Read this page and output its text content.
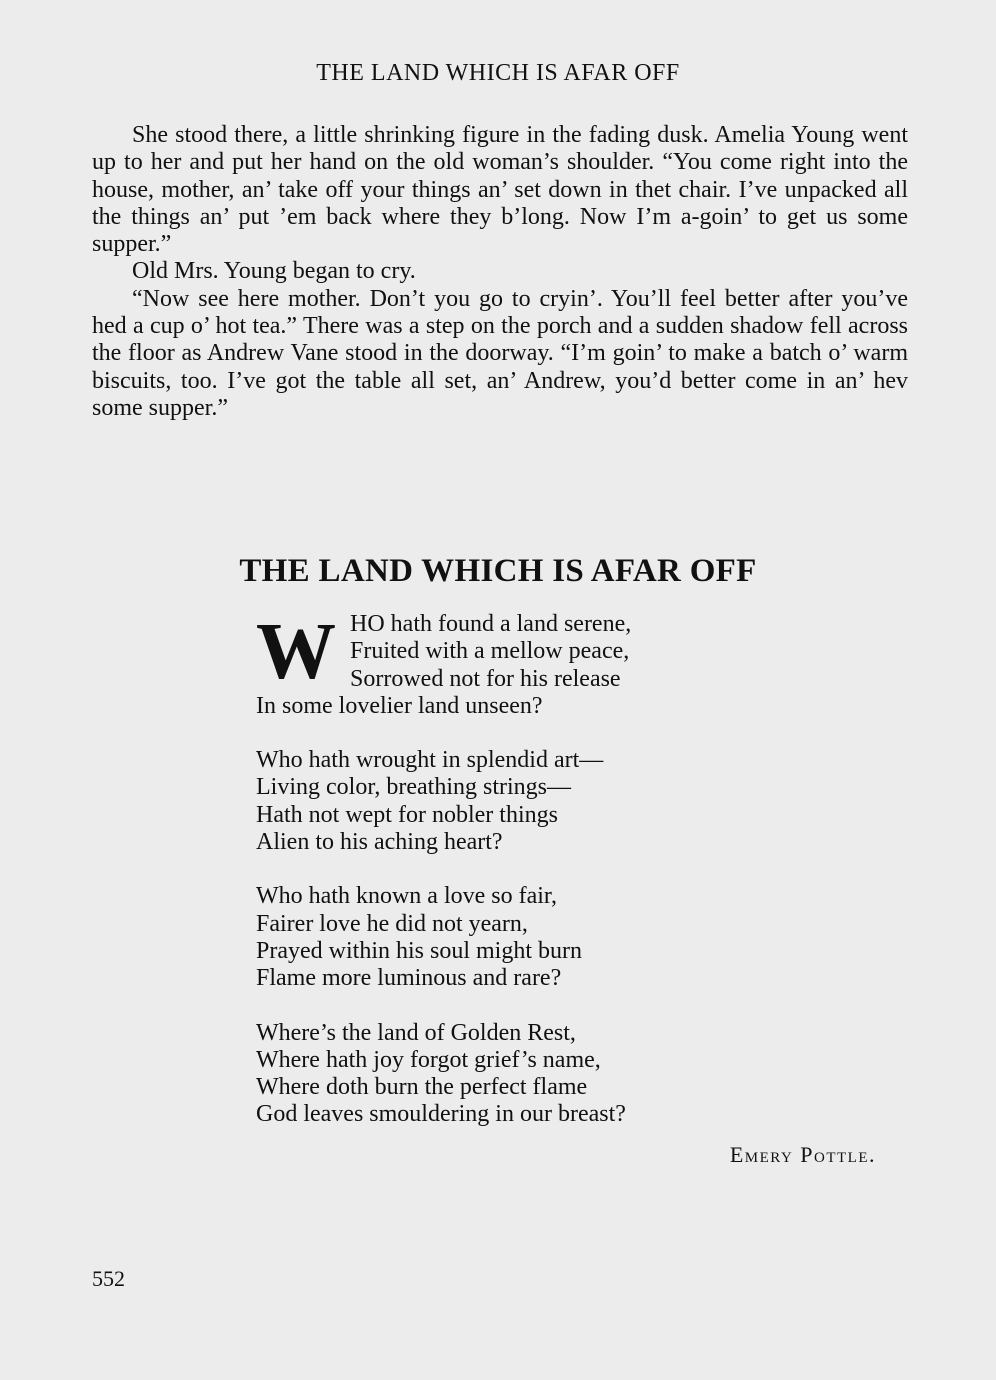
THE LAND WHICH IS AFAR OFF

She stood there, a little shrinking figure in the fading dusk. Amelia Young went up to her and put her hand on the old woman’s shoulder. “You come right into the house, mother, an’ take off your things an’ set down in thet chair. I’ve unpacked all the things an’ put ’em back where they b’long. Now I’m a-goin’ to get us some supper.”

Old Mrs. Young began to cry.

“Now see here mother. Don’t you go to cryin’. You’ll feel better after you’ve hed a cup o’ hot tea.” There was a step on the porch and a sudden shadow fell across the floor as Andrew Vane stood in the doorway. “I’m goin’ to make a batch o’ warm biscuits, too. I’ve got the table all set, an’ Andrew, you’d better come in an’ hev some supper.”

THE LAND WHICH IS AFAR OFF
W HO hath found a land serene,
Fruited with a mellow peace,
Sorrowed not for his release
In some lovelier land unseen?
Who hath wrought in splendid art—
Living color, breathing strings—
Hath not wept for nobler things
Alien to his aching heart?
Who hath known a love so fair,
Fairer love he did not yearn,
Prayed within his soul might burn
Flame more luminous and rare?
Where’s the land of Golden Rest,
Where hath joy forgot grief’s name,
Where doth burn the perfect flame
God leaves smouldering in our breast?
Emery Pottle.
552
